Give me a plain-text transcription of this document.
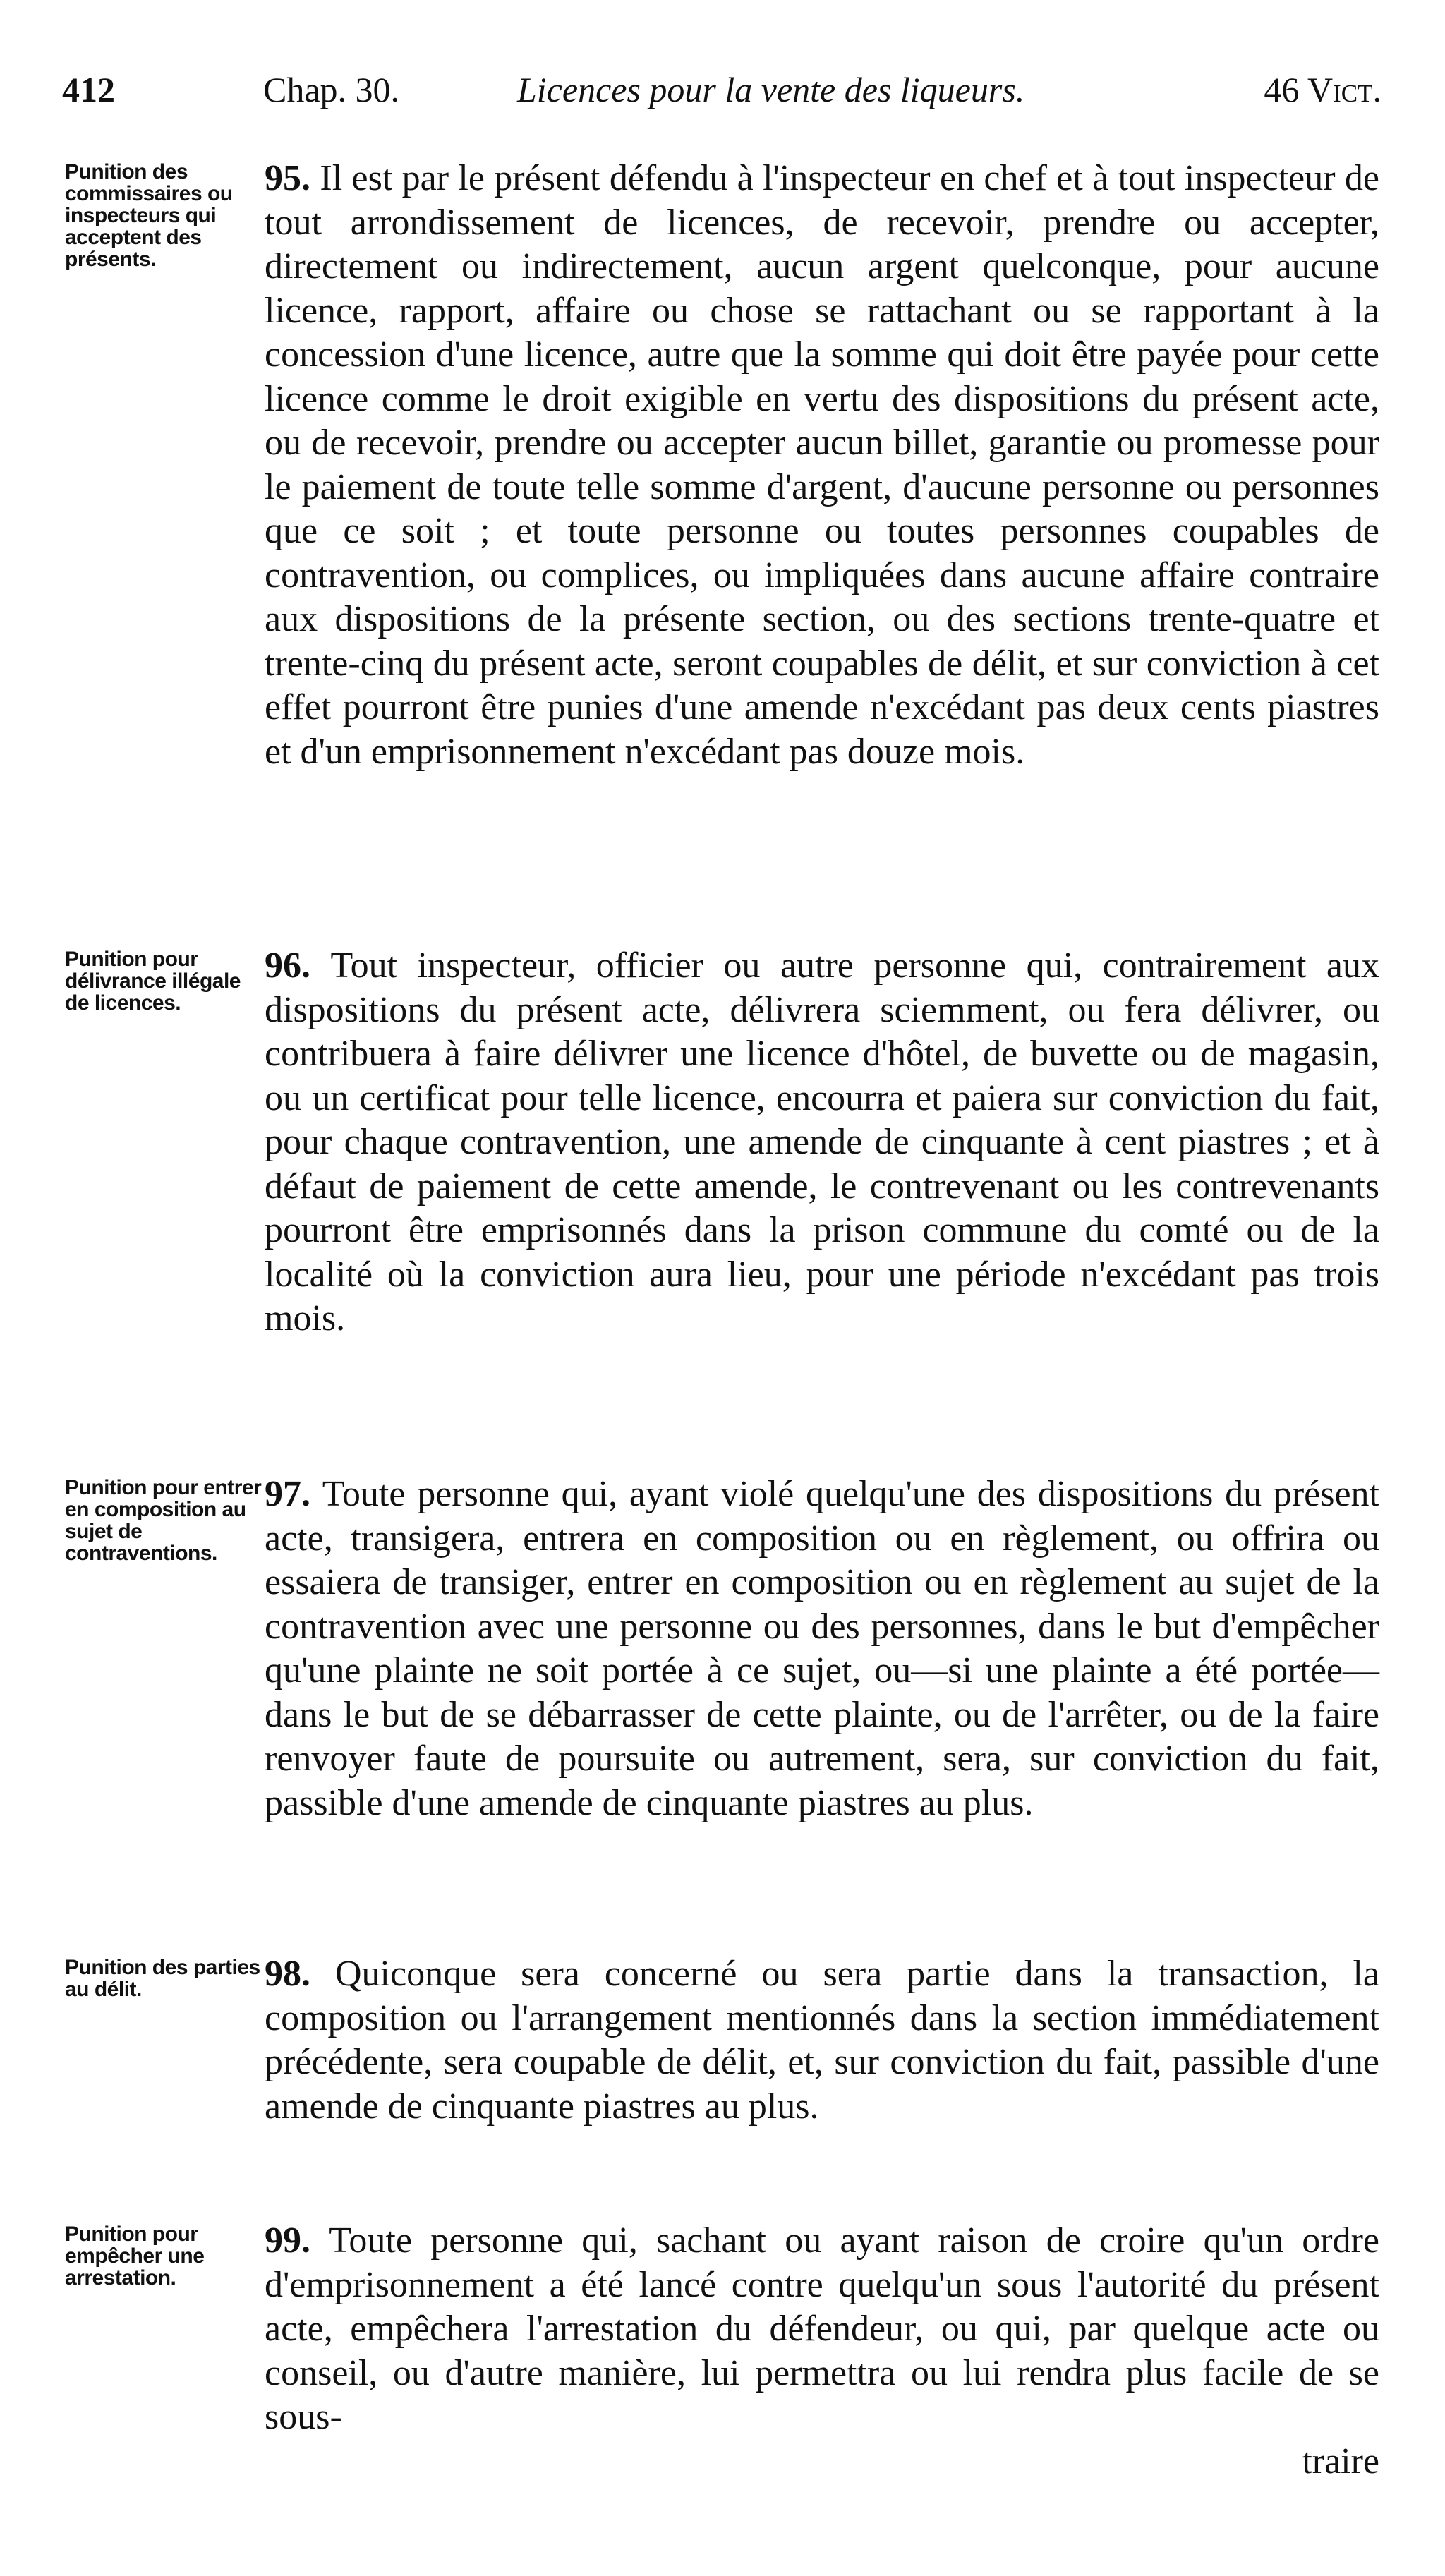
412	Chap. 30.	Licences pour la vente des liqueurs.	46 Vict.
Punition des commissaires ou inspecteurs qui acceptent des présents.
95 . Il est par le présent défendu à l'inspecteur en chef et à tout inspecteur de tout arrondissement de licences, de recevoir, prendre ou accepter, directement ou indirectement, aucun argent quelconque, pour aucune licence, rapport, affaire ou chose se rattachant ou se rapportant à la concession d'une licence, autre que la somme qui doit être payée pour cette licence comme le droit exigible en vertu des dispositions du présent acte, ou de recevoir, prendre ou accepter aucun billet, garantie ou promesse pour le paiement de toute telle somme d'argent, d'aucune personne ou personnes que ce soit ; et toute personne ou toutes personnes coupables de contravention, ou complices, ou impliquées dans aucune affaire contraire aux dispositions de la présente section, ou des sections trente-quatre et trente-cinq du présent acte, seront coupables de délit, et sur conviction à cet effet pourront être punies d'une amende n'excédant pas deux cents piastres et d'un emprisonnement n'excédant pas douze mois.
Punition pour délivrance illégale de licences.
96 . Tout inspecteur, officier ou autre personne qui, contrairement aux dispositions du présent acte, délivrera sciemment, ou fera délivrer, ou contribuera à faire délivrer une licence d'hôtel, de buvette ou de magasin, ou un certificat pour telle licence, encourra et paiera sur conviction du fait, pour chaque contravention, une amende de cinquante à cent piastres ; et à défaut de paiement de cette amende, le contrevenant ou les contrevenants pourront être emprisonnés dans la prison commune du comté ou de la localité où la conviction aura lieu, pour une période n'excédant pas trois mois.
Punition pour entrer en composition au sujet de contraventions.
97 . Toute personne qui, ayant violé quelqu'une des dispositions du présent acte, transigera, entrera en composition ou en règlement, ou offrira ou essaiera de transiger, entrer en composition ou en règlement au sujet de la contravention avec une personne ou des personnes, dans le but d'empêcher qu'une plainte ne soit portée à ce sujet, ou—si une plainte a été portée—dans le but de se débarrasser de cette plainte, ou de l'arrêter, ou de la faire renvoyer faute de poursuite ou autrement, sera, sur conviction du fait, passible d'une amende de cinquante piastres au plus.
Punition des parties au délit.	98 . Quiconque sera concerné ou sera partie dans la transaction, la composition ou l'arrangement mentionnés dans la section immédiatement précédente, sera coupable de délit, et, sur conviction du fait, passible d'une amende de cinquante piastres au plus.
Punition pour empêcher une arrestation.
99 . Toute personne qui, sachant ou ayant raison de croire qu'un ordre d'emprisonnement a été lancé contre quelqu'un sous l'autorité du présent acte, empêchera l'arrestation du défendeur, ou qui, par quelque acte ou conseil, ou d'autre manière, lui permettra ou lui rendra plus facile de se sous-
traire
